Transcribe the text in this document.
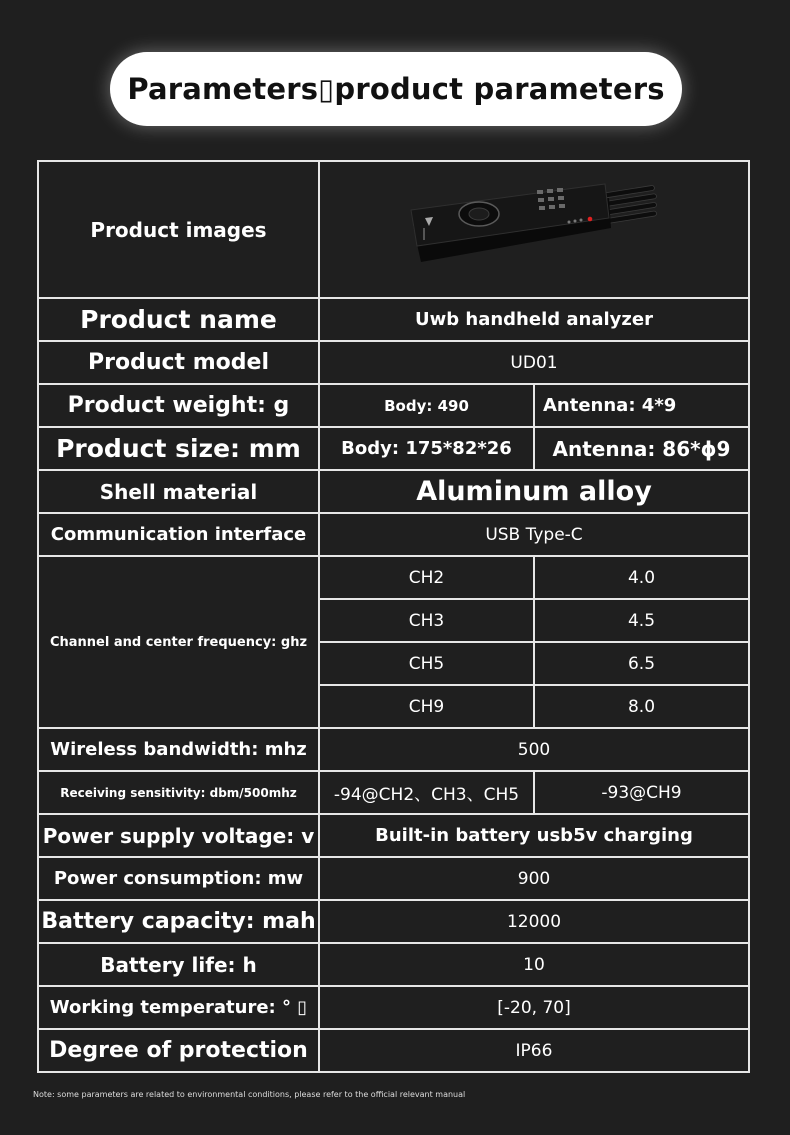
Parameters▯product parameters
Product images	

Product name	Uwb handheld analyzer	
Product model	UD01	
Product weight: g	Body: 490	Antenna: 4*9
Product size: mm	Body: 175*82*26	Antenna: 86*ϕ9
Shell material	Aluminum alloy	
Communication interface	USB Type-C	
Channel and center frequency: ghz	CH2	4.0
	CH3	4.5
	CH5	6.5
	CH9	8.0
Wireless bandwidth: mhz	500	
Receiving sensitivity: dbm/500mhz	-94@CH2、CH3、CH5	-93@CH9
Power supply voltage: v	Built-in battery usb5v charging	
Power consumption: mw	900	
Battery capacity: mah	12000	
Battery life: h	10	
Working temperature: ° ▯	[-20, 70]	
Degree of protection	IP66	
Note: some parameters are related to environmental conditions, please refer to the official relevant manual
